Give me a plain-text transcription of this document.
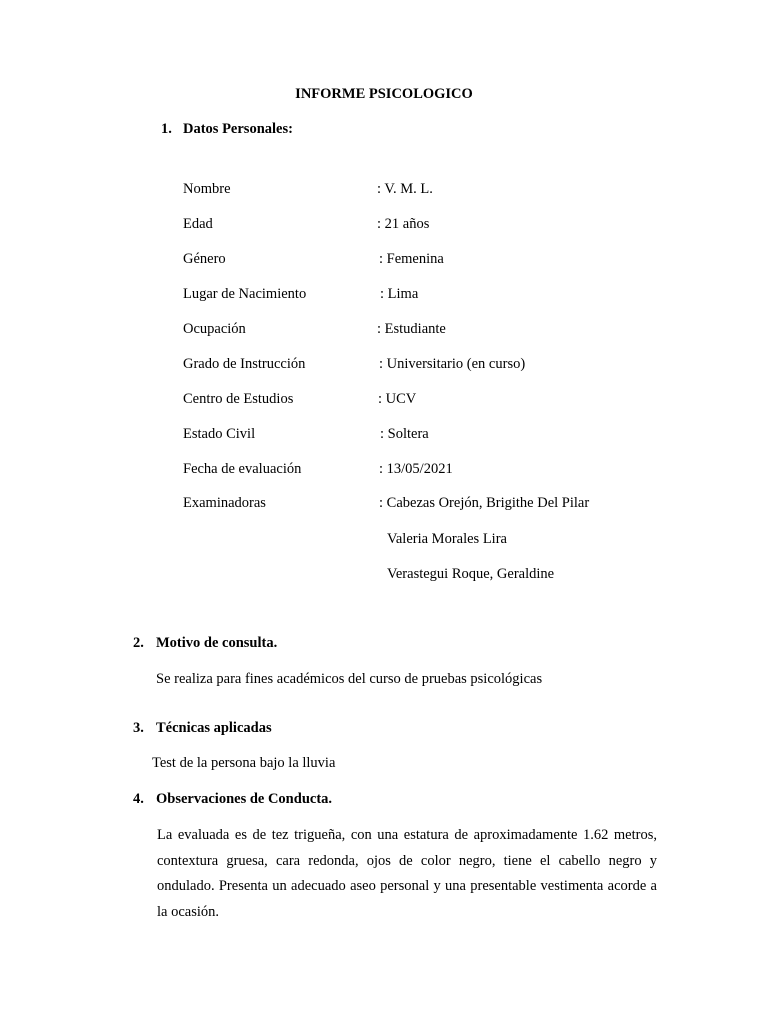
INFORME PSICOLOGICO
1. Datos Personales:
Nombre	: V. M. L.
Edad	: 21 años
Género	: Femenina
Lugar de Nacimiento	: Lima
Ocupación	: Estudiante
Grado de Instrucción	: Universitario (en curso)
Centro de Estudios	: UCV
Estado Civil	: Soltera
Fecha de evaluación	: 13/05/2021
Examinadoras	: Cabezas Orejón, Brigithe Del Pilar
Valeria Morales Lira
Verastegui Roque, Geraldine
2. Motivo de consulta.
Se realiza para fines académicos del curso de pruebas psicológicas
3. Técnicas aplicadas
Test de la persona bajo la lluvia
4. Observaciones de Conducta.
La evaluada es de tez trigueña, con una estatura de aproximadamente 1.62 metros, contextura gruesa, cara redonda, ojos de color negro, tiene el cabello negro y ondulado. Presenta un adecuado aseo personal y una presentable vestimenta acorde a la ocasión.
